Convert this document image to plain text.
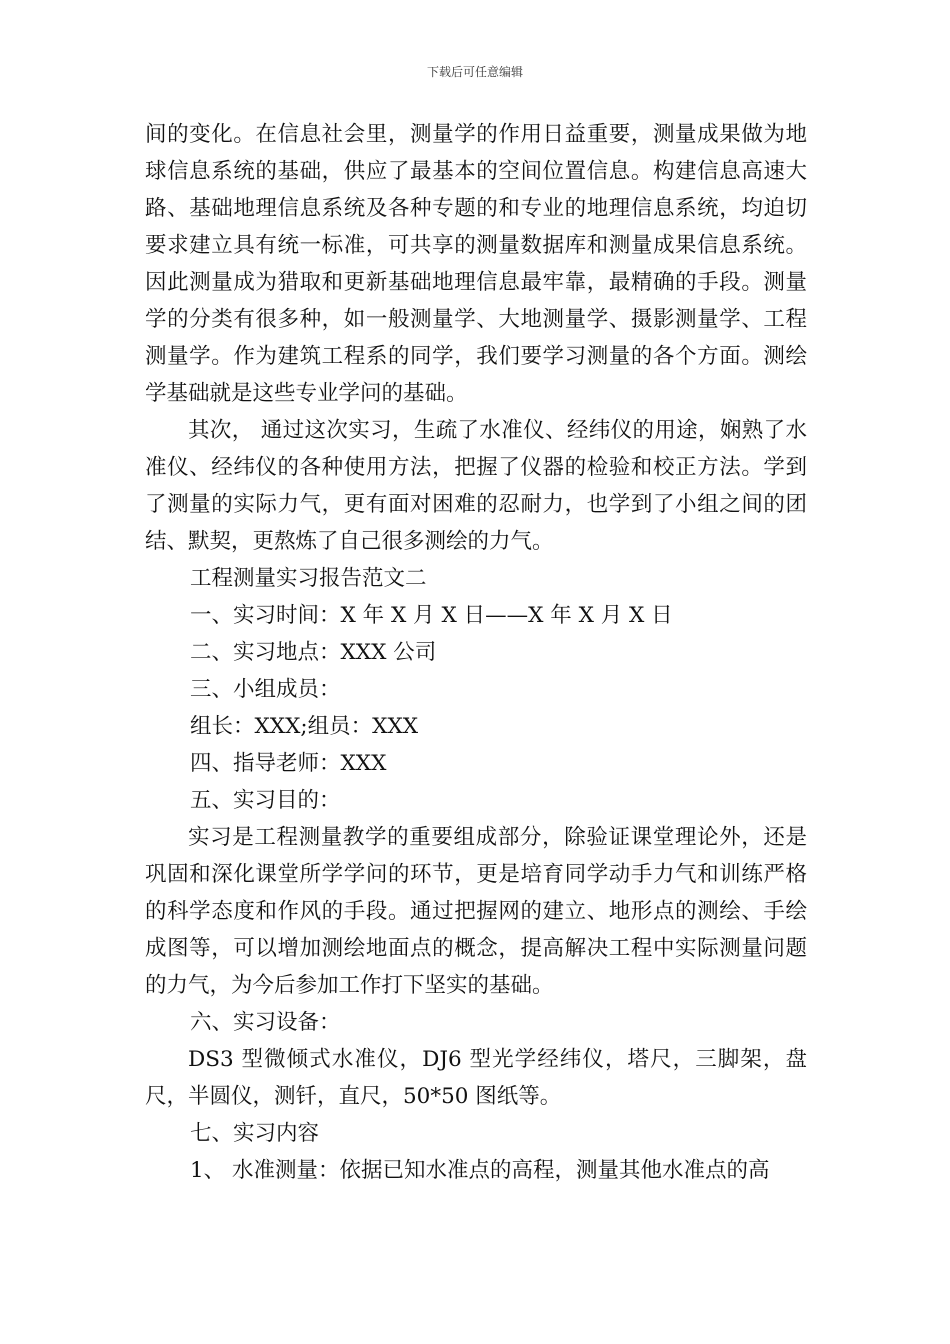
下载后可任意编辑

间的变化。在信息社会里，测量学的作用日益重要，测量成果做为地球信息系统的基础，供应了最基本的空间位置信息。构建信息高速大路、基础地理信息系统及各种专题的和专业的地理信息系统，均迫切要求建立具有统一标准，可共享的测量数据库和测量成果信息系统。因此测量成为猎取和更新基础地理信息最牢靠，最精确的手段。测量学的分类有很多种，如一般测量学、大地测量学、摄影测量学、工程测量学。作为建筑工程系的同学，我们要学习测量的各个方面。测绘学基础就是这些专业学问的基础。

其次， 通过这次实习，生疏了水准仪、经纬仪的用途，娴熟了水准仪、经纬仪的各种使用方法，把握了仪器的检验和校正方法。学到了测量的实际力气，更有面对困难的忍耐力，也学到了小组之间的团结、默契，更熬炼了自己很多测绘的力气。

工程测量实习报告范文二

一、实习时间：X 年 X 月 X 日——X 年 X 月 X 日

二、实习地点：XXX 公司

三、小组成员：

组长：XXX;组员：XXX

四、指导老师：XXX

五、实习目的：

实习是工程测量教学的重要组成部分，除验证课堂理论外，还是巩固和深化课堂所学学问的环节，更是培育同学动手力气和训练严格的科学态度和作风的手段。通过把握网的建立、地形点的测绘、手绘成图等，可以增加测绘地面点的概念，提高解决工程中实际测量问题的力气，为今后参加工作打下坚实的基础。

六、实习设备：

DS3 型微倾式水准仪，DJ6 型光学经纬仪，塔尺，三脚架，盘尺，半圆仪，测钎，直尺，50*50 图纸等。

七、实习内容

1、 水准测量：依据已知水准点的高程，测量其他水准点的高
